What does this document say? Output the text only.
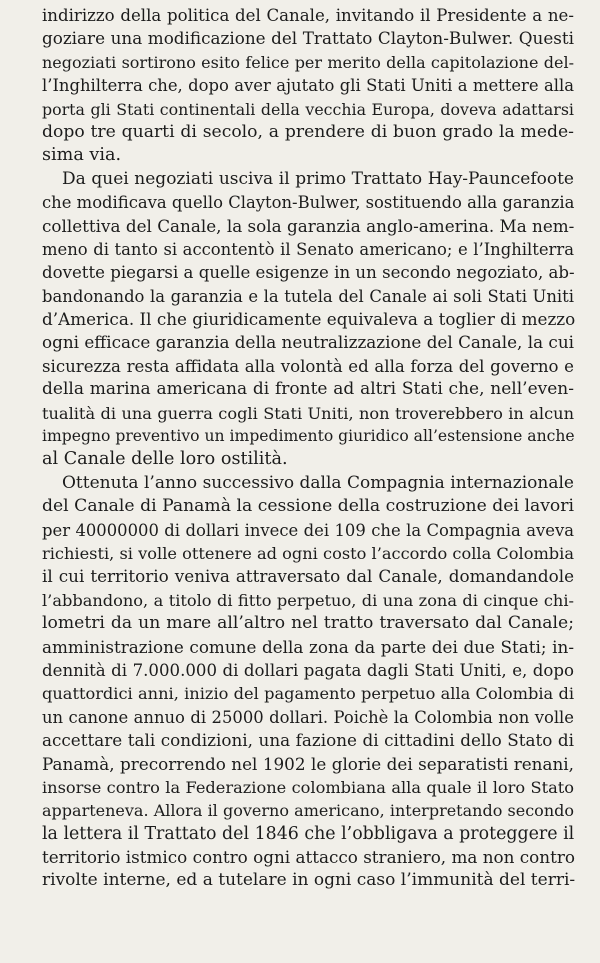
indirizzo della politica del Canale, invitando il Presidente a ne-
goziare una modificazione del Trattato Clayton-Bulwer. Questi
negoziati sortirono esito felice per merito della capitolazione del-
l’Inghilterra che, dopo aver ajutato gli Stati Uniti a mettere alla
porta gli Stati continentali della vecchia Europa, doveva adattarsi
dopo tre quarti di secolo, a prendere di buon grado la mede-
sima via.
Da quei negoziati usciva il primo Trattato Hay-Pauncefoote
che modificava quello Clayton-Bulwer, sostituendo alla garanzia
collettiva del Canale, la sola garanzia anglo-amerina. Ma nem-
meno di tanto si accontentò il Senato americano; e l’Inghilterra
dovette piegarsi a quelle esigenze in un secondo negoziato, ab-
bandonando la garanzia e la tutela del Canale ai soli Stati Uniti
d’America. Il che giuridicamente equivaleva a toglier di mezzo
ogni efficace garanzia della neutralizzazione del Canale, la cui
sicurezza resta affidata alla volontà ed alla forza del governo e
della marina americana di fronte ad altri Stati che, nell’even-
tualità di una guerra cogli Stati Uniti, non troverebbero in alcun
impegno preventivo un impedimento giuridico all’estensione anche
al Canale delle loro ostilità.
Ottenuta l’anno successivo dalla Compagnia internazionale
del Canale di Panamà la cessione della costruzione dei lavori
per 40000000 di dollari invece dei 109 che la Compagnia aveva
richiesti, si volle ottenere ad ogni costo l’accordo colla Colombia
il cui territorio veniva attraversato dal Canale, domandandole
l’abbandono, a titolo di fitto perpetuo, di una zona di cinque chi-
lometri da un mare all’altro nel tratto traversato dal Canale;
amministrazione comune della zona da parte dei due Stati; in-
dennità di 7.000.000 di dollari pagata dagli Stati Uniti, e, dopo
quattordici anni, inizio del pagamento perpetuo alla Colombia di
un canone annuo di 25000 dollari. Poichè la Colombia non volle
accettare tali condizioni, una fazione di cittadini dello Stato di
Panamà, precorrendo nel 1902 le glorie dei separatisti renani,
insorse contro la Federazione colombiana alla quale il loro Stato
apparteneva. Allora il governo americano, interpretando secondo
la lettera il Trattato del 1846 che l’obbligava a proteggere il
territorio istmico contro ogni attacco straniero, ma non contro
rivolte interne, ed a tutelare in ogni caso l’immunità del terri-
